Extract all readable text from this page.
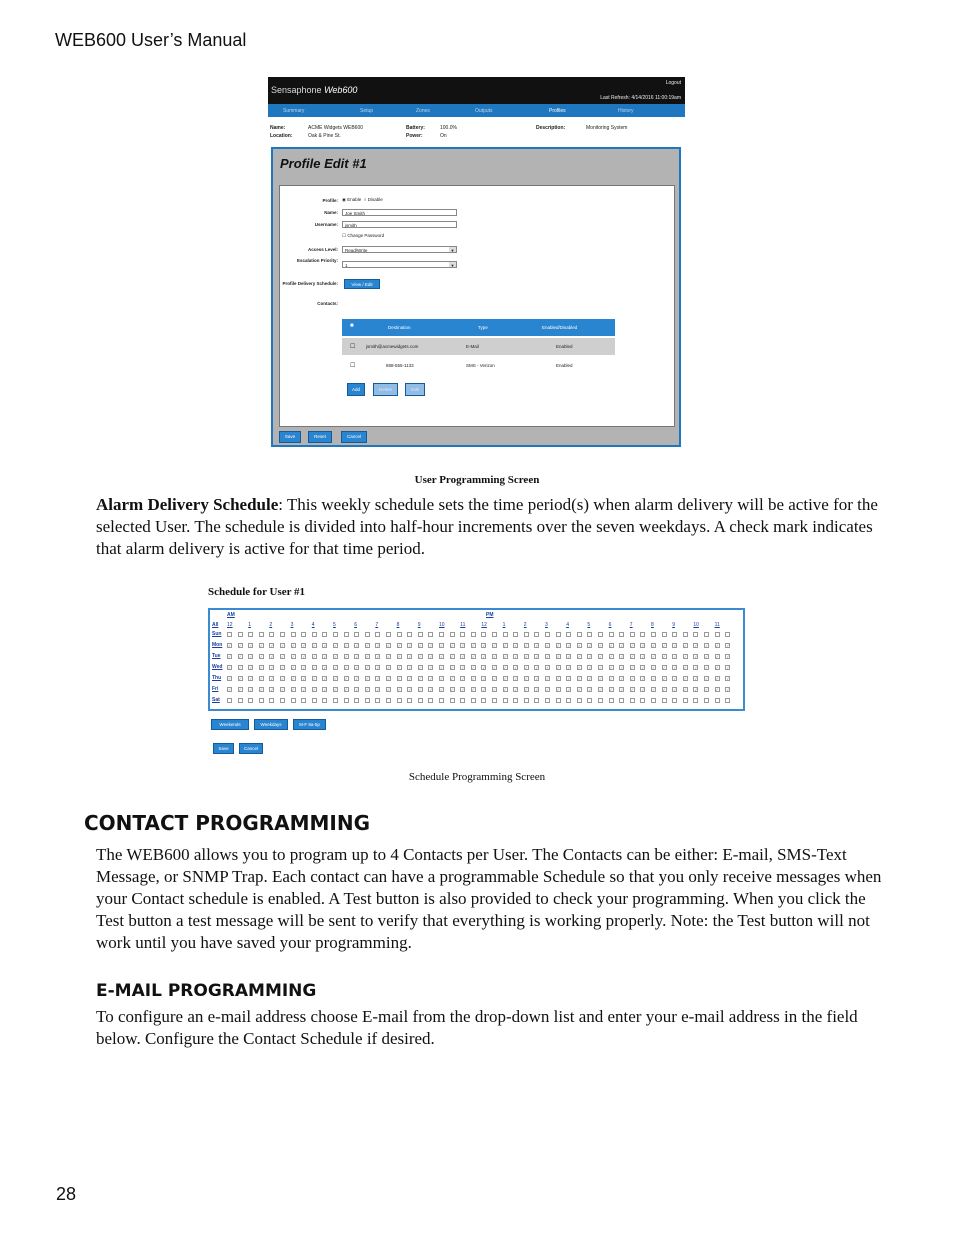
WEB600 User’s Manual
Sensaphone Web600
Logout
Last Refresh: 4/14/2016 11:00:19am
Summary	Setup	Zones	Outputs	Profiles	History
Name:	ACME Widgets WEB600
Location:	Oak & Pine St.
Battery:	100.0%
Power:	On
Description:	Monitoring System
Profile Edit #1
Profile: ◉ Enable ○ Disable
Name:	Joe Smith
Username:	jsmith
☐ Change Password
Access Level:	Read/Write	▼
Escalation Priority:
1	▼
Profile Delivery Schedule:	View / Edit
Contacts:
■	Destination	Type	Enabled/Disabled
☐ jsmith@acmewidgets.com	E-Mail	Enabled
☐	888-555-1133	SMS - Verizon	Enabled
Add	Delete	Edit
Save	Reset	Cancel
User Programming Screen
Alarm Delivery Schedule: This weekly schedule sets the time period(s) when alarm delivery will be active for the selected User. The schedule is divided into half-hour increments over the seven weekdays. A check mark indicates that alarm delivery is active for that time period.
Schedule for User #1
AM	PM
All 12	1	2	3	4	5	6	7	8	9	10	11	12	1	2	3	4	5	6	7	8	9	10	11
Sun
Mon ✓ ✓ ✓ ✓ ✓ ✓ ✓ ✓ ✓ ✓ ✓ ✓ ✓ ✓ ✓ ✓ ✓ ✓ ✓ ✓ ✓ ✓ ✓ ✓ ✓ ✓ ✓ ✓ ✓ ✓ ✓ ✓ ✓ ✓ ✓ ✓ ✓ ✓ ✓ ✓ ✓ ✓ ✓ ✓ ✓ ✓ ✓ ✓
Tue ✓ ✓ ✓ ✓ ✓ ✓ ✓ ✓ ✓ ✓ ✓ ✓ ✓ ✓ ✓ ✓ ✓ ✓ ✓ ✓ ✓ ✓ ✓ ✓ ✓ ✓ ✓ ✓ ✓ ✓ ✓ ✓ ✓ ✓ ✓ ✓ ✓ ✓ ✓ ✓ ✓ ✓ ✓ ✓ ✓ ✓ ✓ ✓
Wed ✓ ✓ ✓ ✓ ✓ ✓ ✓ ✓ ✓ ✓ ✓ ✓ ✓ ✓ ✓ ✓ ✓ ✓ ✓ ✓ ✓ ✓ ✓ ✓ ✓ ✓ ✓ ✓ ✓ ✓ ✓ ✓ ✓ ✓ ✓ ✓ ✓ ✓ ✓ ✓ ✓ ✓ ✓ ✓ ✓ ✓ ✓ ✓
Thu ✓ ✓ ✓ ✓ ✓ ✓ ✓ ✓ ✓ ✓ ✓ ✓ ✓ ✓ ✓ ✓ ✓ ✓ ✓ ✓ ✓ ✓ ✓ ✓ ✓ ✓ ✓ ✓ ✓ ✓ ✓ ✓ ✓ ✓ ✓ ✓ ✓ ✓ ✓ ✓ ✓ ✓ ✓ ✓ ✓ ✓ ✓ ✓
Fri ✓ ✓ ✓ ✓ ✓ ✓ ✓ ✓ ✓ ✓ ✓ ✓ ✓ ✓ ✓ ✓ ✓ ✓ ✓ ✓ ✓ ✓ ✓ ✓ ✓ ✓ ✓ ✓ ✓ ✓ ✓ ✓ ✓ ✓ ✓ ✓ ✓ ✓ ✓ ✓ ✓ ✓ ✓ ✓ ✓ ✓ ✓ ✓
Sat
Weekends	Weekdays	M-F 8a-5p
Save	Cancel
Schedule Programming Screen
CONTACT PROGRAMMING
The WEB600 allows you to program up to 4 Contacts per User. The Contacts can be either: E-mail, SMS-Text Message, or SNMP Trap. Each contact can have a programmable Schedule so that you only receive messages when your Contact schedule is enabled. A Test button is also provided to check your programming. When you click the Test button a test message will be sent to verify that everything is working properly. Note: the Test button will not work until you have saved your programming.
E-MAIL PROGRAMMING
To configure an e-mail address choose E-mail from the drop-down list and enter your e-mail address in the field below. Configure the Contact Schedule if desired.
28
